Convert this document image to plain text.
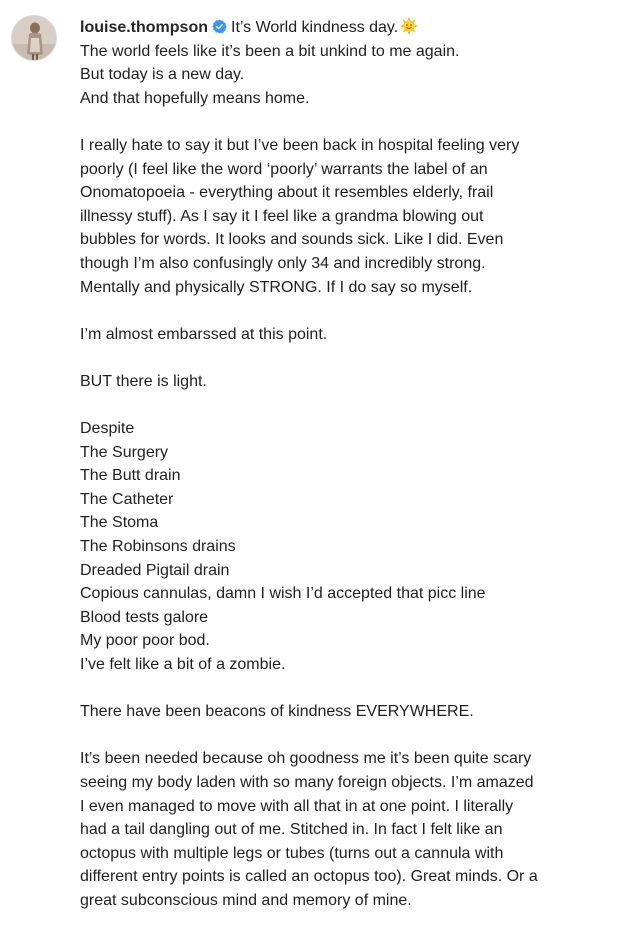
louise.thompson It’s World kindness day.
The world feels like it’s been a bit unkind to me again.
But today is a new day.
And that hopefully means home.
I really hate to say it but I’ve been back in hospital feeling very
poorly (I feel like the word ‘poorly’ warrants the label of an
Onomatopoeia - everything about it resembles elderly, frail
illnessy stuff). As I say it I feel like a grandma blowing out
bubbles for words. It looks and sounds sick. Like I did. Even
though I’m also confusingly only 34 and incredibly strong.
Mentally and physically STRONG. If I do say so myself.
I’m almost embarssed at this point.
BUT there is light.
Despite
The Surgery
The Butt drain
The Catheter
The Stoma
The Robinsons drains
Dreaded Pigtail drain
Copious cannulas, damn I wish I’d accepted that picc line
Blood tests galore
My poor poor bod.
I’ve felt like a bit of a zombie.
There have been beacons of kindness EVERYWHERE.
It’s been needed because oh goodness me it’s been quite scary
seeing my body laden with so many foreign objects. I’m amazed
I even managed to move with all that in at one point. I literally
had a tail dangling out of me. Stitched in. In fact I felt like an
octopus with multiple legs or tubes (turns out a cannula with
different entry points is called an octopus too). Great minds. Or a
great subconscious mind and memory of mine.
